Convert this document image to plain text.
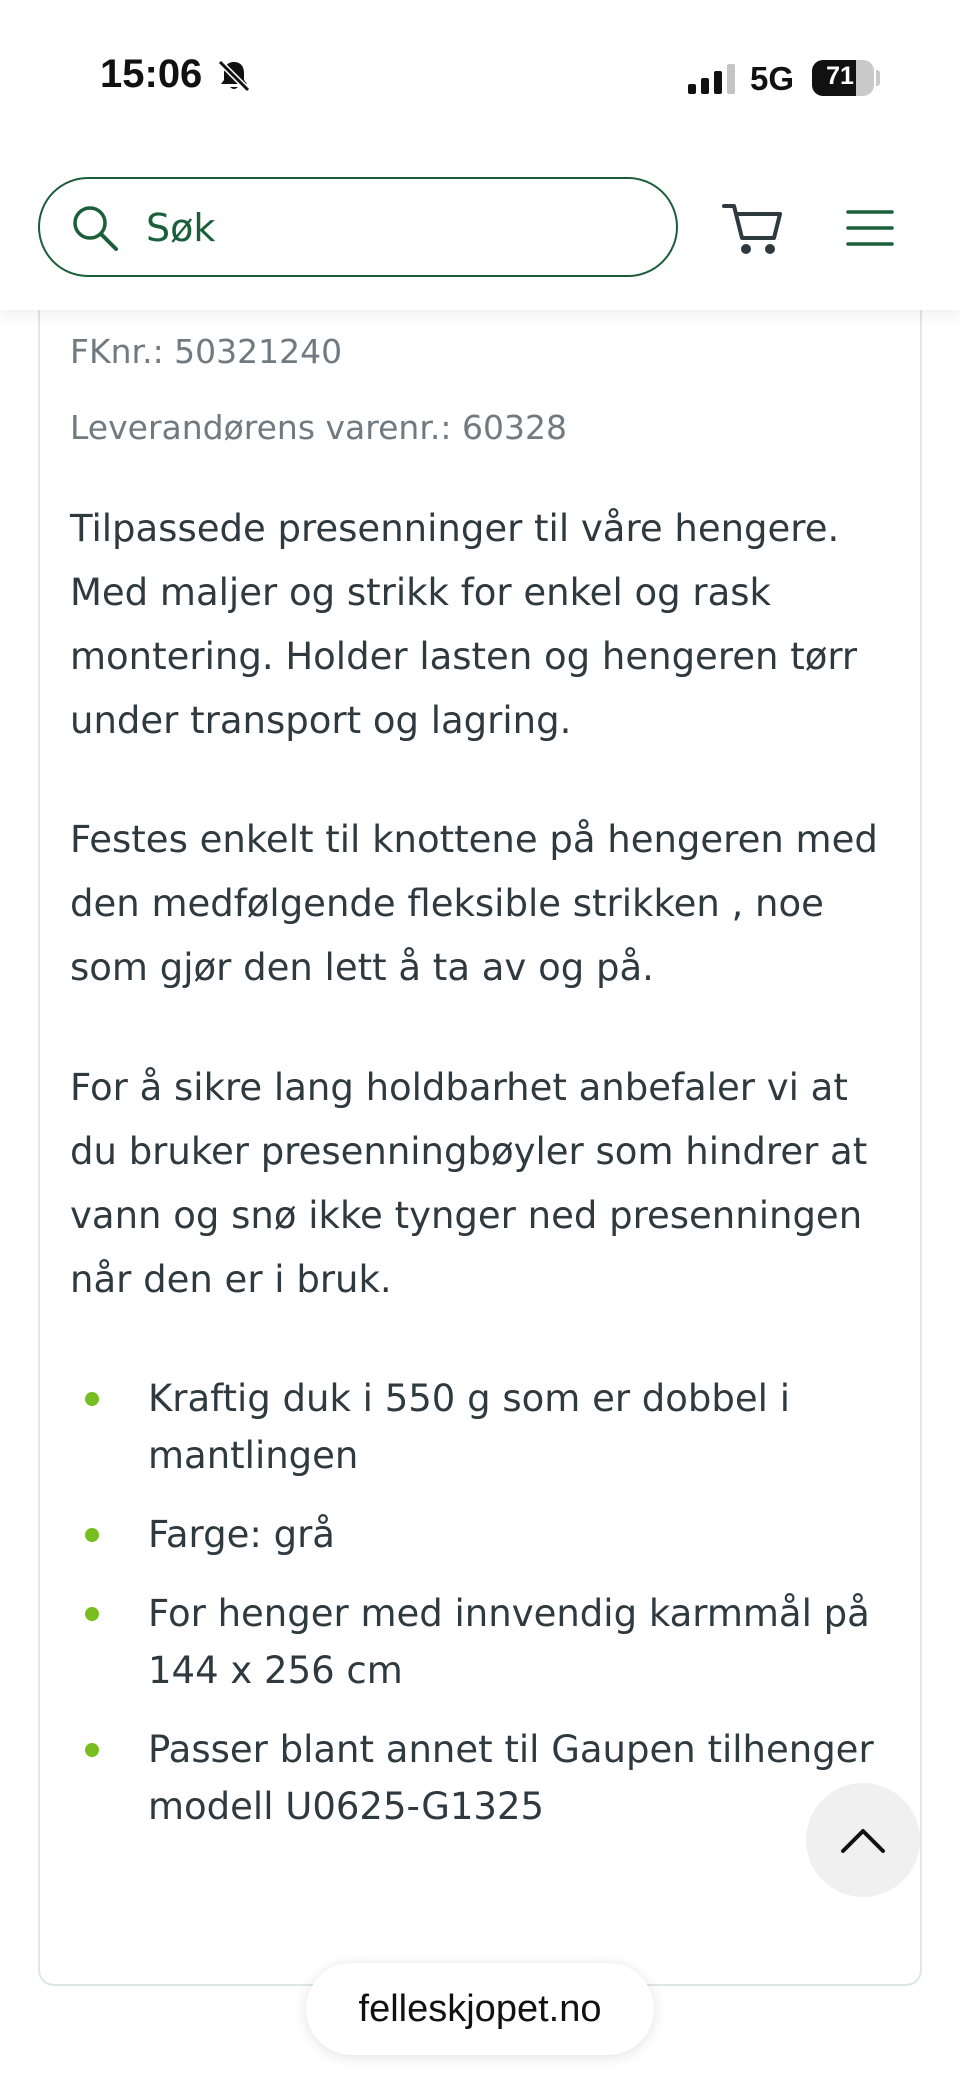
15:06	5G	71
Søk
FKnr.: 50321240
Leverandørens varenr.: 60328

Tilpassede presenninger til våre hengere. Med maljer og strikk for enkel og rask montering. Holder lasten og hengeren tørr under transport og lagring.

Festes enkelt til knottene på hengeren med den medfølgende fleksible strikken , noe som gjør den lett å ta av og på.

For å sikre lang holdbarhet anbefaler vi at du bruker presenningbøyler som hindrer at vann og snø ikke tynger ned presenningen når den er i bruk.

Kraftig duk i 550 g som er dobbel i mantlingen
Farge: grå
For henger med innvendig karmmål på 144 x 256 cm
Passer blant annet til Gaupen tilhenger modell U0625-G1325
felleskjopet.no
